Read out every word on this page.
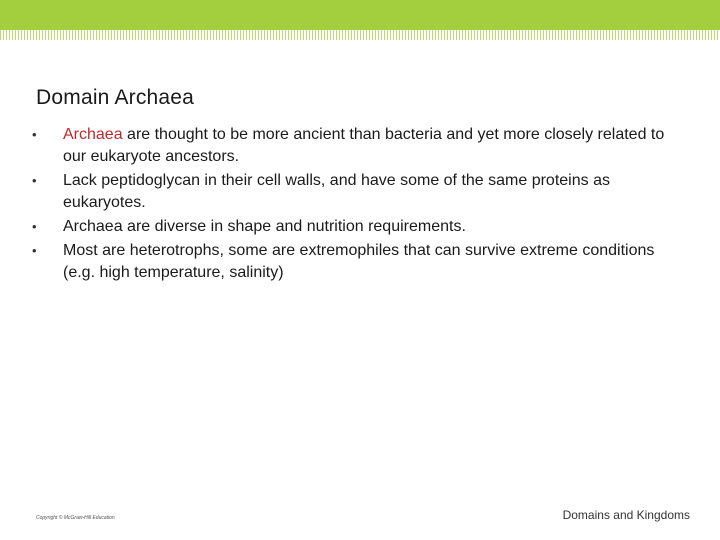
Domain Archaea
• Archaea are thought to be more ancient than bacteria and yet more closely related to our eukaryote ancestors.
• Lack peptidoglycan in their cell walls, and have some of the same proteins as eukaryotes.
• Archaea are diverse in shape and nutrition requirements.
• Most are heterotrophs, some are extremophiles that can survive extreme conditions (e.g. high temperature, salinity)
Copyright © McGraw-Hill Education	Domains and Kingdoms
